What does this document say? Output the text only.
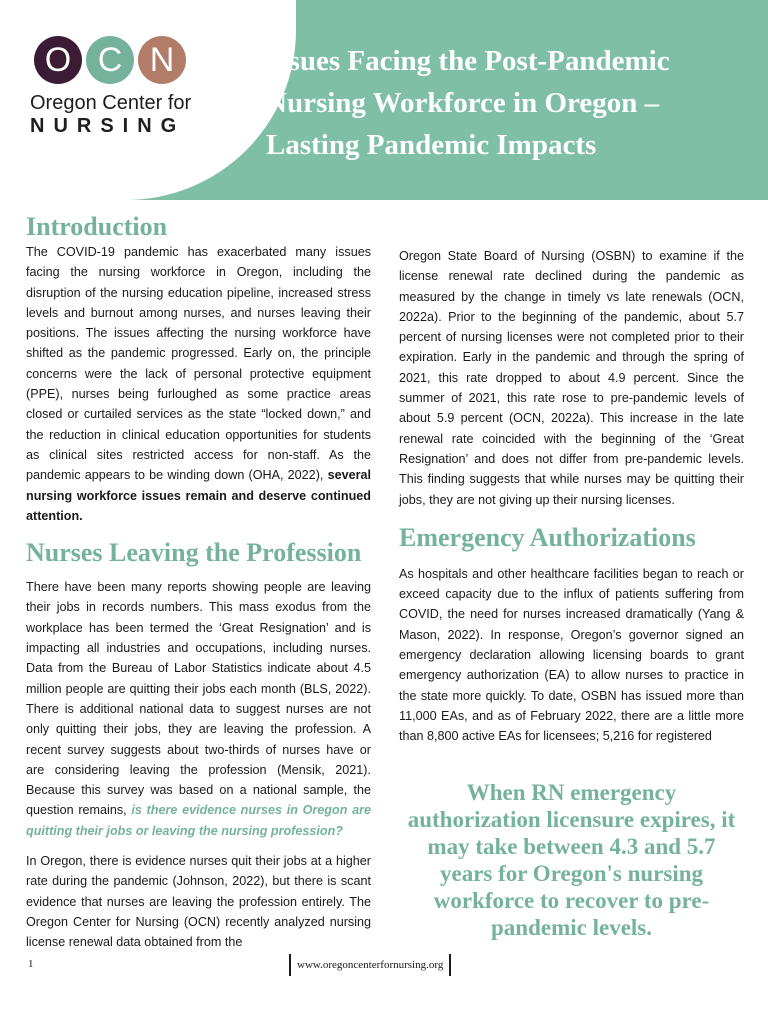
O C N
Oregon Center for
NURSING
Issues Facing the Post-Pandemic Nursing Workforce in Oregon – Lasting Pandemic Impacts
Introduction

The COVID-19 pandemic has exacerbated many issues facing the nursing workforce in Oregon, including the disruption of the nursing education pipeline, increased stress levels and burnout among nurses, and nurses leaving their positions. The issues affecting the nursing workforce have shifted as the pandemic progressed. Early on, the principle concerns were the lack of personal protective equipment (PPE), nurses being furloughed as some practice areas closed or curtailed services as the state “locked down,” and the reduction in clinical education opportunities for students as clinical sites restricted access for non-staff. As the pandemic appears to be winding down (OHA, 2022), several nursing workforce issues remain and deserve continued attention.

Nurses Leaving the Profession

There have been many reports showing people are leaving their jobs in records numbers. This mass exodus from the workplace has been termed the ‘Great Resignation’ and is impacting all industries and occupations, including nurses. Data from the Bureau of Labor Statistics indicate about 4.5 million people are quitting their jobs each month (BLS, 2022). There is additional national data to suggest nurses are not only quitting their jobs, they are leaving the profession. A recent survey suggests about two-thirds of nurses have or are considering leaving the profession (Mensik, 2021). Because this survey was based on a national sample, the question remains, is there evidence nurses in Oregon are quitting their jobs or leaving the nursing profession?

In Oregon, there is evidence nurses quit their jobs at a higher rate during the pandemic (Johnson, 2022), but there is scant evidence that nurses are leaving the profession entirely. The Oregon Center for Nursing (OCN) recently analyzed nursing license renewal data obtained from the

Oregon State Board of Nursing (OSBN) to examine if the license renewal rate declined during the pandemic as measured by the change in timely vs late renewals (OCN, 2022a). Prior to the beginning of the pandemic, about 5.7 percent of nursing licenses were not completed prior to their expiration. Early in the pandemic and through the spring of 2021, this rate dropped to about 4.9 percent. Since the summer of 2021, this rate rose to pre-pandemic levels of about 5.9 percent (OCN, 2022a). This increase in the late renewal rate coincided with the beginning of the ‘Great Resignation’ and does not differ from pre-pandemic levels. This finding suggests that while nurses may be quitting their jobs, they are not giving up their nursing licenses.

Emergency Authorizations

As hospitals and other healthcare facilities began to reach or exceed capacity due to the influx of patients suffering from COVID, the need for nurses increased dramatically (Yang & Mason, 2022). In response, Oregon’s governor signed an emergency declaration allowing licensing boards to grant emergency authorization (EA) to allow nurses to practice in the state more quickly. To date, OSBN has issued more than 11,000 EAs, and as of February 2022, there are a little more than 8,800 active EAs for licensees; 5,216 for registered

When RN emergency authorization licensure expires, it may take between 4.3 and 5.7 years for Oregon's nursing workforce to recover to pre-pandemic levels.
1	www.oregoncenterfornursing.org
